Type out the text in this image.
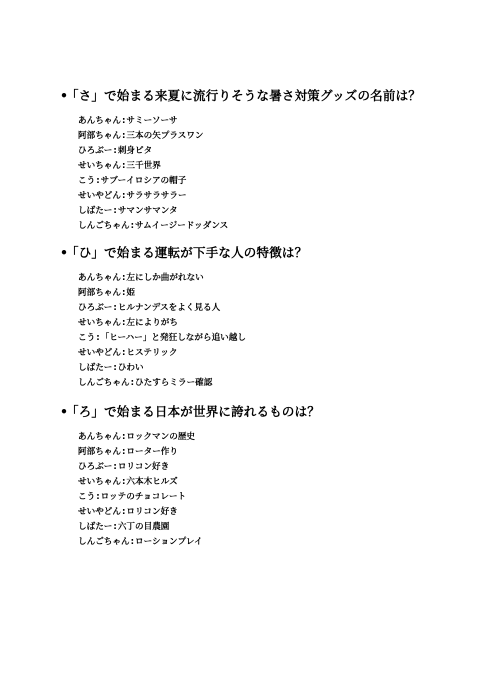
•「さ」で始まる来夏に流行りそうな暑さ対策グッズの名前は？
あんちゃん:サミーソーサ
阿部ちゃん:三本の矢プラスワン
ひろぶー:刺身ピタ
せいちゃん:三千世界
こう:サブーイロシアの帽子
せいやどん:サラサラサラー
しばたー:サマンサマンタ
しんごちゃん:サムイージードッダンス
•「ひ」で始まる運転が下手な人の特徴は？
あんちゃん:左にしか曲がれない
阿部ちゃん:姫
ひろぶー:ヒルナンデスをよく見る人
せいちゃん:左によりがち
こう:「ヒーハー」と発狂しながら追い越し
せいやどん:ヒステリック
しばたー:ひわい
しんごちゃん:ひたすらミラー確認
•「ろ」で始まる日本が世界に誇れるものは？
あんちゃん:ロックマンの歴史
阿部ちゃん:ローター作り
ひろぶー:ロリコン好き
せいちゃん:六本木ヒルズ
こう:ロッテのチョコレート
せいやどん:ロリコン好き
しばたー:六丁の目農園
しんごちゃん:ローションプレイ
